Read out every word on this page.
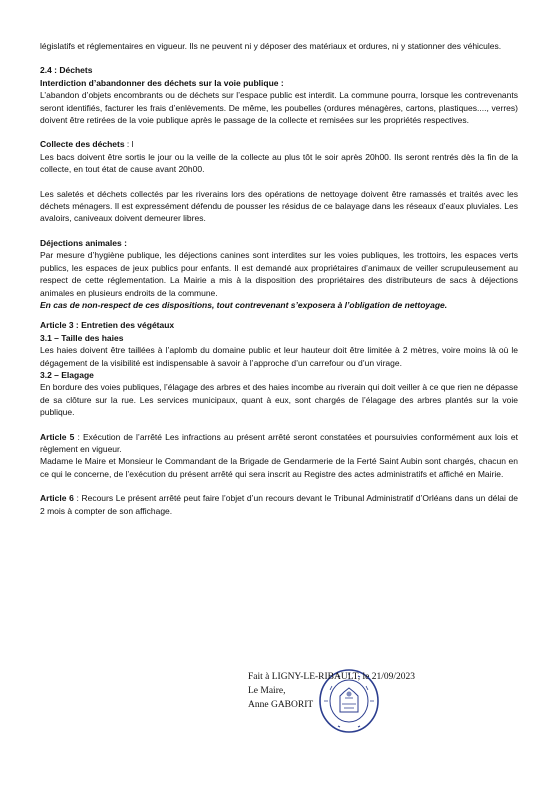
législatifs et réglementaires en vigueur. Ils ne peuvent ni y déposer des matériaux et ordures, ni y stationner des véhicules.

2.4 : Déchets
Interdiction d’abandonner des déchets sur la voie publique :

L’abandon d’objets encombrants ou de déchets sur l’espace public est interdit. La commune pourra, lorsque les contrevenants seront identifiés, facturer les frais d’enlèvements. De même, les poubelles (ordures ménagères, cartons, plastiques...., verres) doivent être retirées de la voie publique après le passage de la collecte et remisées sur les propriétés respectives.

Collecte des déchets : l

Les bacs doivent être sortis le jour ou la veille de la collecte au plus tôt le soir après 20h00. Ils seront rentrés dès la fin de la collecte, en tout état de cause avant 20h00.

Les saletés et déchets collectés par les riverains lors des opérations de nettoyage doivent être ramassés et traités avec les déchets ménagers. Il est expressément défendu de pousser les résidus de ce balayage dans les réseaux d’eaux pluviales. Les avaloirs, caniveaux doivent demeurer libres.

Déjections animales :

Par mesure d’hygiène publique, les déjections canines sont interdites sur les voies publiques, les trottoirs, les espaces verts publics, les espaces de jeux publics pour enfants. Il est demandé aux propriétaires d’animaux de veiller scrupuleusement au respect de cette réglementation. La Mairie a mis à la disposition des propriétaires des distributeurs de sacs à déjections animales en plusieurs endroits de la commune.

En cas de non-respect de ces dispositions, tout contrevenant s’exposera à l’obligation de nettoyage.

Article 3 : Entretien des végétaux
3.1 – Taille des haies

Les haies doivent être taillées à l’aplomb du domaine public et leur hauteur doit être limitée à 2 mètres, voire moins là où le dégagement de la visibilité est indispensable à savoir à l’approche d’un carrefour ou d’un virage.

3.2 – Elagage

En bordure des voies publiques, l’élagage des arbres et des haies incombe au riverain qui doit veiller à ce que rien ne dépasse de sa clôture sur la rue. Les services municipaux, quant à eux, sont chargés de l’élagage des arbres plantés sur la voie publique.

Article 5 : Exécution de l’arrêté Les infractions au présent arrêté seront constatées et poursuivies conformément aux lois et règlement en vigueur.

Madame le Maire et Monsieur le Commandant de la Brigade de Gendarmerie de la Ferté Saint Aubin sont chargés, chacun en ce qui le concerne, de l’exécution du présent arrêté qui sera inscrit au Registre des actes administratifs et affiché en Mairie.

Article 6 : Recours Le présent arrêté peut faire l’objet d’un recours devant le Tribunal Administratif d’Orléans dans un délai de 2 mois à compter de son affichage.

Fait à LIGNY-LE-RIBAULT, le 21/09/2023
Le Maire,
Anne GABORIT
